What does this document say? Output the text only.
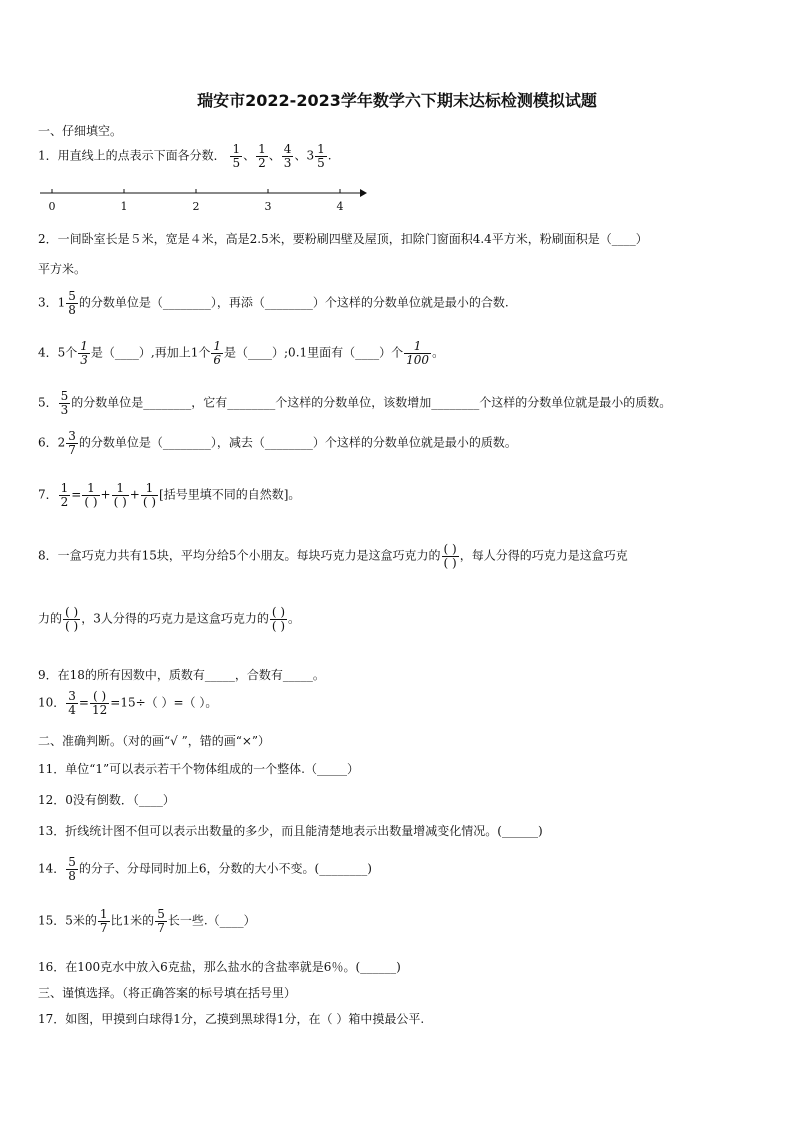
瑞安市2022-2023学年数学六下期末达标检测模拟试题
一、仔细填空。
1．用直线上的点表示下面各分数． $\frac{1}{5}$ 、 $\frac{1}{2}$ 、 $\frac{4}{3}$ 、$3 \frac{1}{5}$ .
0	1	2	3	4
2．一间卧室长是５米，宽是４米，高是2.5米，要粉刷四壁及屋顶，扣除门窗面积4.4平方米，粉刷面积是（____）
平方米。
3．$1 \frac{5}{8}$ 的分数单位是（________），再添（________）个这样的分数单位就是最小的合数.
4．5个 $\frac{1}{3}$ 是（____）,再加上1个 $\frac{1}{6}$ 是（____）;0.1里面有（____）个 $\frac{1}{100}$ 。
5． $\frac{5}{3}$ 的分数单位是________，它有________个这样的分数单位，该数增加________个这样的分数单位就是最小的质数。
6．$2 \frac{3}{7}$ 的分数单位是（________），减去（________）个这样的分数单位就是最小的质数。
7． $\frac{1}{2} = \frac{1}{( )} + \frac{1}{( )} + \frac{1}{( )}$ [括号里填不同的自然数]。
8．一盒巧克力共有15块，平均分给5个小朋友。每块巧克力是这盒巧克力的 $\frac{( )}{( )}$ ，每人分得的巧克力是这盒巧克
力的 $\frac{( )}{( )}$ ，3人分得的巧克力是这盒巧克力的 $\frac{( )}{( )}$ 。
9．在18的所有因数中，质数有_____，合数有_____。
10． $\frac{3}{4} = \frac{( )}{12} =15\div$（ ）=（ ）。
二、准确判断。（对的画“√ ”，错的画“×”）
11．单位“1”可以表示若干个物体组成的一个整体.（_____）
12．0没有倒数．（____）
13．折线统计图不但可以表示出数量的多少，而且能清楚地表示出数量增减变化情况。(______)
14． $\frac{5}{8}$ 的分子、分母同时加上6，分数的大小不变。(________)
15．5米的 $\frac{1}{7}$ 比1米的 $\frac{5}{7}$ 长一些.（____）
16．在100克水中放入6克盐，那么盐水的含盐率就是6％。(______)
三、谨慎选择。（将正确答案的标号填在括号里）
17．如图，甲摸到白球得1分，乙摸到黑球得1分，在（ ）箱中摸最公平.
